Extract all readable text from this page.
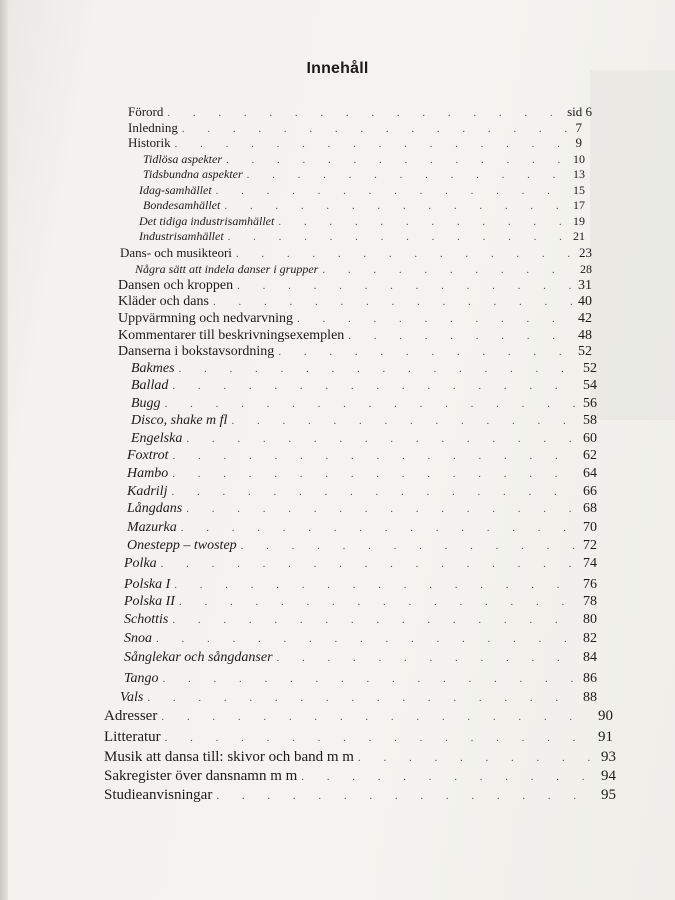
Innehåll
Förord . . .	sid 6
Inledning . . .	7
Historik . . .	9
Tidlösa aspekter . . .	10
Tidsbundna aspekter . . .	13
Idag-samhället . . .	15
Bondesamhället . . .	17
Det tidiga industrisamhället . . .	19
Industrisamhället . . .	21
Dans- och musikteori . . .	23
Några sätt att indela danser i grupper . . .	28
Dansen och kroppen . . .	31
Kläder och dans . . .	40
Uppvärmning och nedvarvning . . .	42
Kommentarer till beskrivningsexemplen . . .	48
Danserna i bokstavsordning . . .	52
Bakmes . . .	52
Ballad . . .	54
Bugg . . .	56
Disco, shake m fl . . .	58
Engelska . . .	60
Foxtrot . . .	62
Hambo . . .	64
Kadrilj . . .	66
Långdans . . .	68
Mazurka . . .	70
Onestepp – twostep . . .	72
Polka . . .	74
Polska I . . .	76
Polska II . . .	78
Schottis . . .	80
Snoa . . .	82
Sånglekar och sångdanser . . .	84
Tango . . .	86
Vals . . .	88
Adresser . . .	90
Litteratur . . .	91
Musik att dansa till: skivor och band m m . . .	93
Sakregister över dansnamn m m . . .	94
Studieanvisningar . . .	95
